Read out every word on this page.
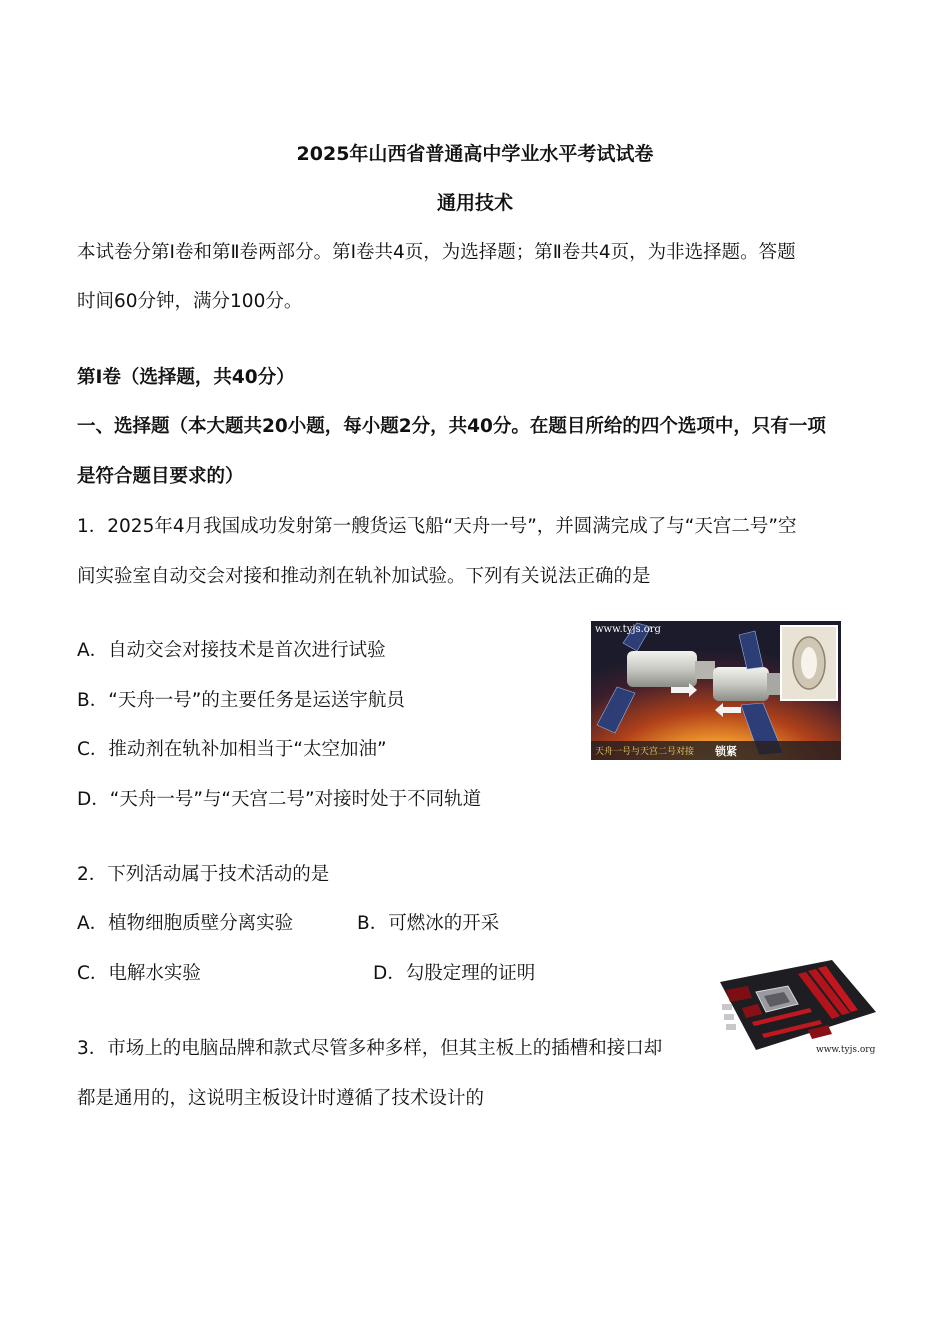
2025年山西省普通高中学业水平考试试卷
通用技术
本试卷分第Ⅰ卷和第Ⅱ卷两部分。第Ⅰ卷共4页，为选择题；第Ⅱ卷共4页，为非选择题。答题
时间60分钟，满分100分。
第Ⅰ卷（选择题，共40分）
一、选择题（本大题共20小题，每小题2分，共40分。在题目所给的四个选项中，只有一项
是符合题目要求的）
1．2025年4月我国成功发射第一艘货运飞船“天舟一号”，并圆满完成了与“天宫二号”空
间实验室自动交会对接和推动剂在轨补加试验。下列有关说法正确的是
A．自动交会对接技术是首次进行试验
B．“天舟一号”的主要任务是运送宇航员
C．推动剂在轨补加相当于“太空加油”
D．“天舟一号”与“天宫二号”对接时处于不同轨道
www.tyjs.org
天舟一号与天宫二号对接 锁紧
2．下列活动属于技术活动的是
A．植物细胞质壁分离实验	B．可燃冰的开采
C．电解水实验	D．勾股定理的证明
3．市场上的电脑品牌和款式尽管多种多样，但其主板上的插槽和接口却
都是通用的，这说明主板设计时遵循了技术设计的
www.tyjs.org
